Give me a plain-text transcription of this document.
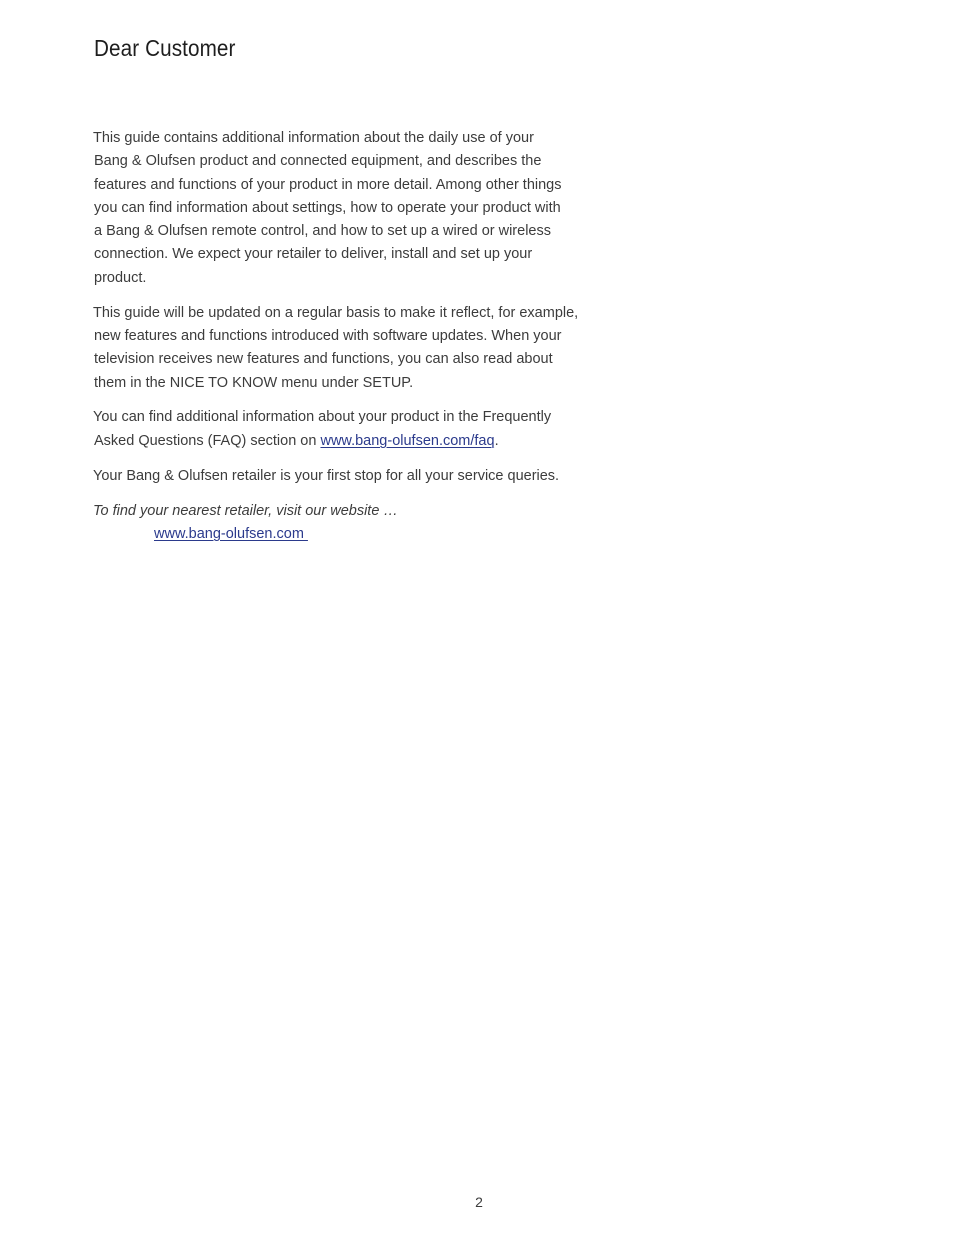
Dear Customer

This guide contains additional information about the daily use of your
Bang & Olufsen product and connected equipment, and describes the
features and functions of your product in more detail. Among other things
you can find information about settings, how to operate your product with
a Bang & Olufsen remote control, and how to set up a wired or wireless
connection. We expect your retailer to deliver, install and set up your
product.

This guide will be updated on a regular basis to make it reflect, for example,
new features and functions introduced with software updates. When your
television receives new features and functions, you can also read about
them in the NICE TO KNOW menu under SETUP.

You can find additional information about your product in the Frequently
Asked Questions (FAQ) section on www.bang-olufsen.com/faq.

Your Bang & Olufsen retailer is your first stop for all your service queries.

To find your nearest retailer, visit our website …
www.bang-olufsen.com

2
